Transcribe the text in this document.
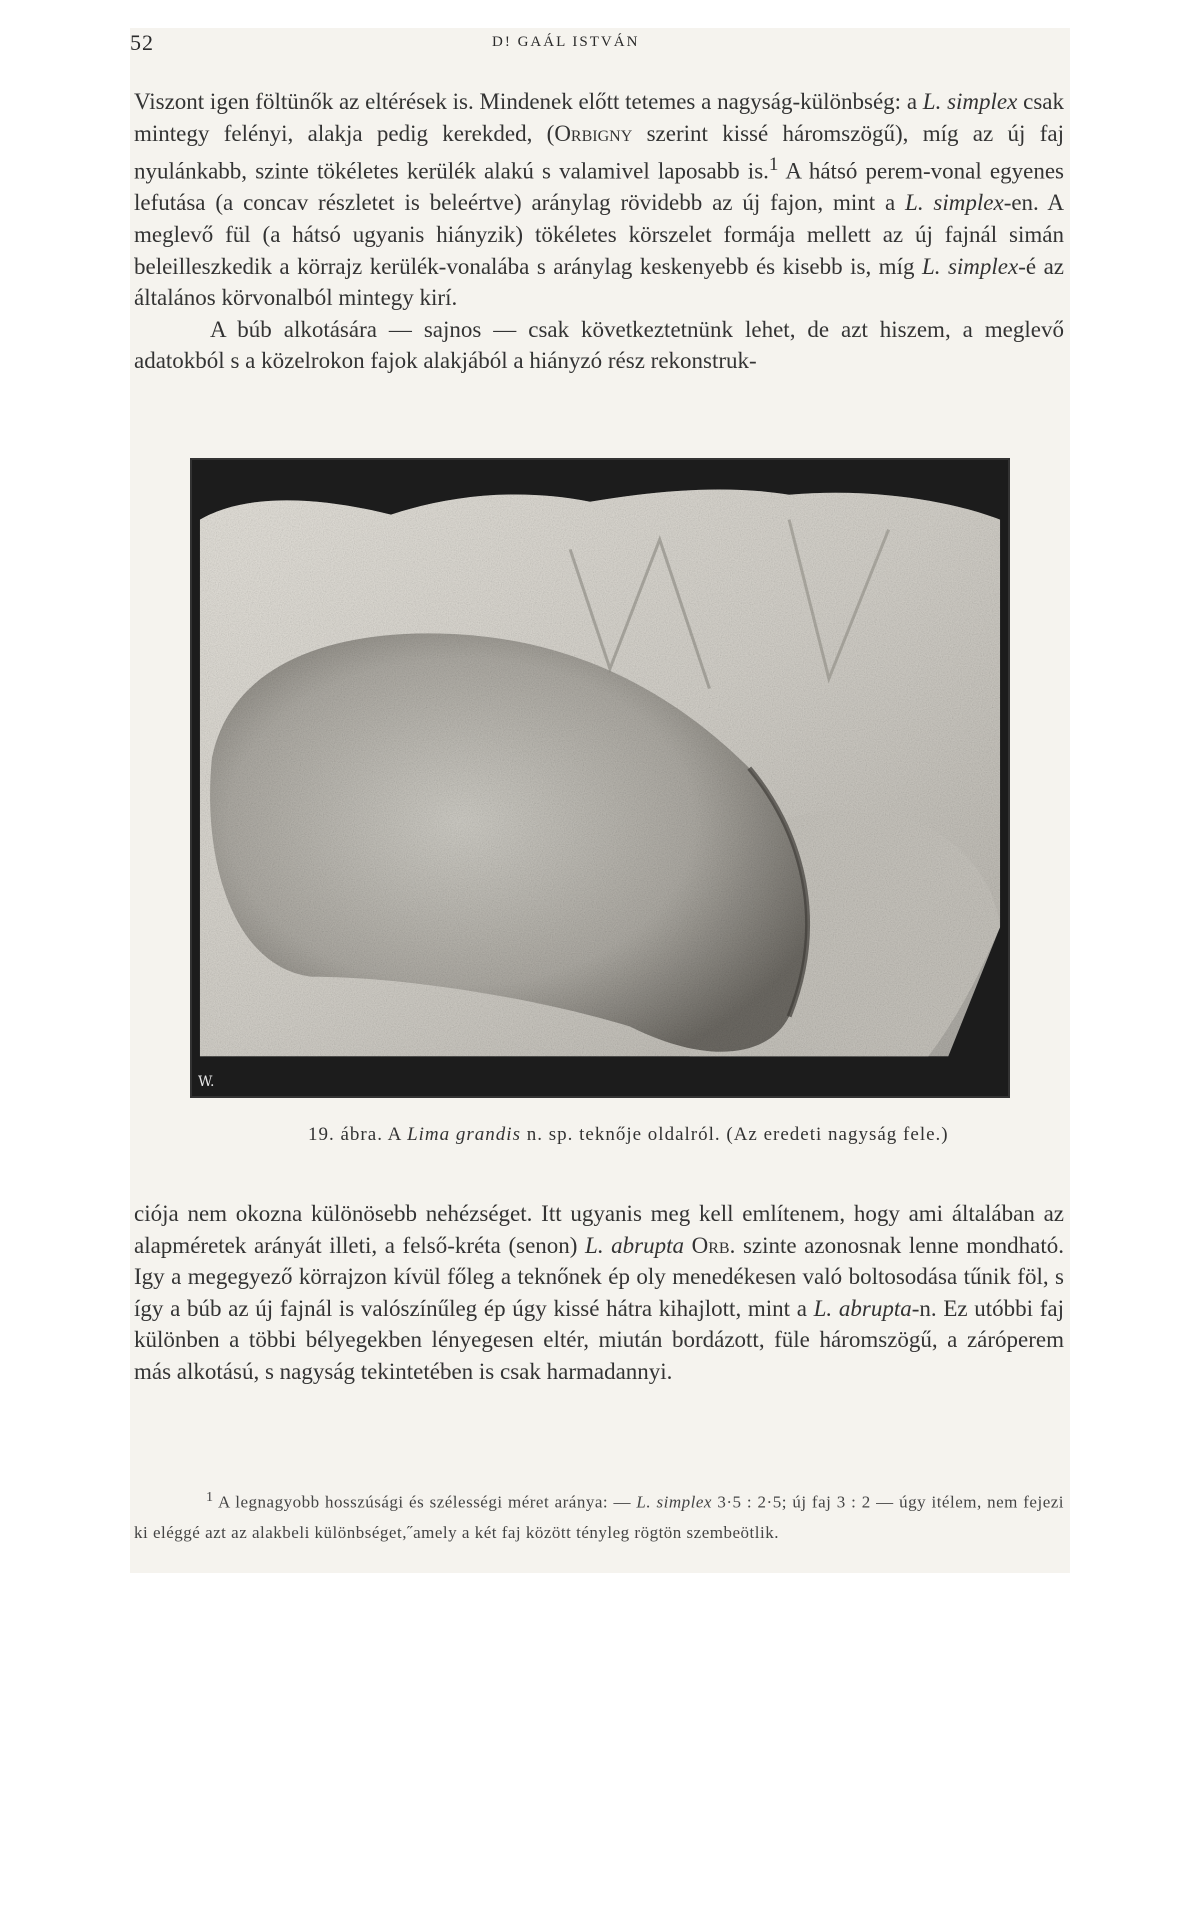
52	D! GAÁL ISTVÁN

Viszont igen föltünők az eltérések is. Mindenek előtt tetemes a nagyság-különbség: a L. simplex csak mintegy felényi, alakja pedig kerekded, (Orbigny szerint kissé háromszögű), míg az új faj nyulánkabb, szinte tökéletes kerülék alakú s valamivel laposabb is.$^1$ A hátsó perem-vonal egyenes lefutása (a concav részletet is beleértve) aránylag rövidebb az új fajon, mint a L. simplex-en. A meglevő fül (a hátsó ugyanis hiányzik) tökéletes körszelet formája mellett az új fajnál simán beleilleszkedik a körrajz kerülék-vonalába s aránylag keskenyebb és kisebb is, míg L. simplex-é az általános körvonalból mintegy kirí.

A búb alkotására — sajnos — csak következtetnünk lehet, de azt hiszem, a meglevő adatokból s a közelrokon fajok alakjából a hiányzó rész rekonstruk-

W.
19. ábra. A Lima grandis n. sp. teknője oldalról. (Az eredeti nagyság fele.)

ciója nem okozna különösebb nehézséget. Itt ugyanis meg kell említenem, hogy ami általában az alapméretek arányát illeti, a felső-kréta (senon) L. abrupta Orb. szinte azonosnak lenne mondható. Igy a megegyező körrajzon kívül főleg a teknőnek ép oly menedékesen való boltosodása tűnik föl, s így a búb az új fajnál is valószínűleg ép úgy kissé hátra kihajlott, mint a L. abrupta-n. Ez utóbbi faj különben a többi bélyegekben lényegesen eltér, miután bordázott, füle háromszögű, a záróperem más alkotású, s nagyság tekintetében is csak harmadannyi.

$^1$ A legnagyobb hosszúsági és szélességi méret aránya: — L. simplex 3·5 : 2·5; új faj 3 : 2 — úgy itélem, nem fejezi ki eléggé azt az alakbeli különbséget,˝amely a két faj között tényleg rögtön szembeötlik.
